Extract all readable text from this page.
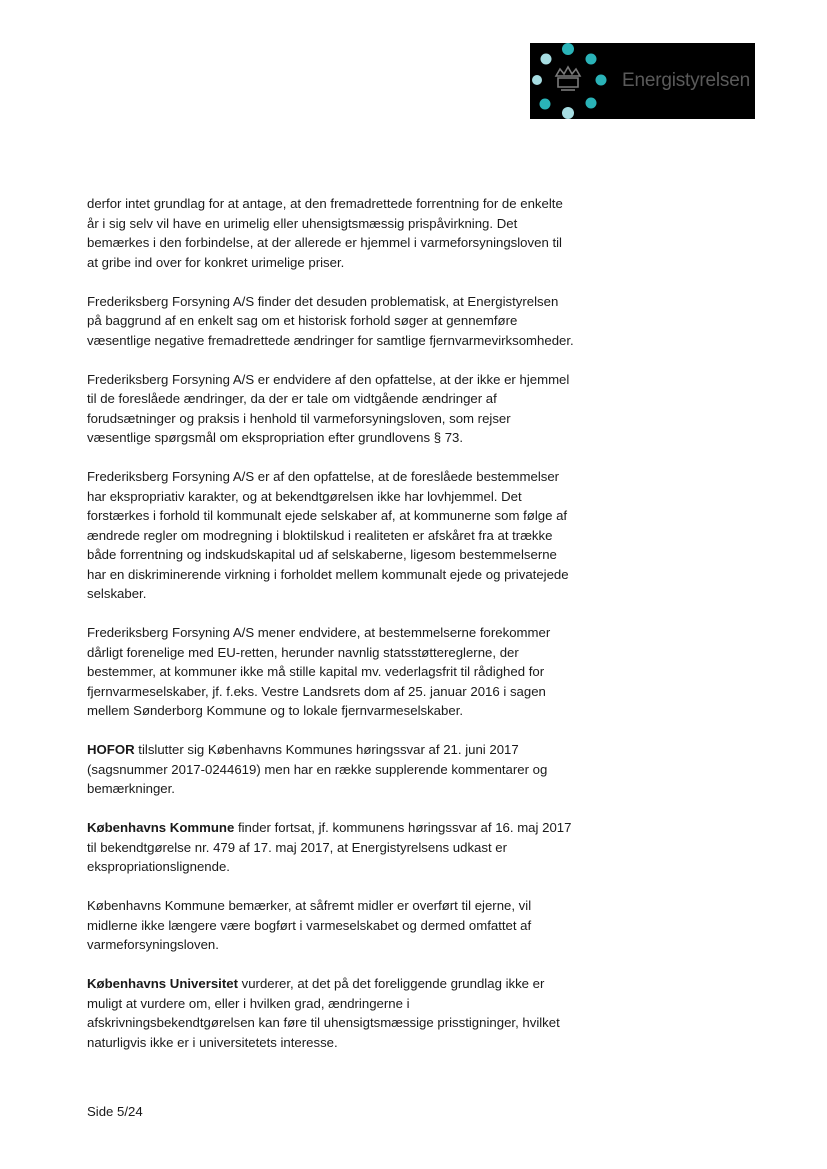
Energistyrelsen

derfor intet grundlag for at antage, at den fremadrettede forrentning for de enkelte
år i sig selv vil have en urimelig eller uhensigtsmæssig prispåvirkning. Det
bemærkes i den forbindelse, at der allerede er hjemmel i varmeforsyningsloven til
at gribe ind over for konkret urimelige priser.

Frederiksberg Forsyning A/S finder det desuden problematisk, at Energistyrelsen
på baggrund af en enkelt sag om et historisk forhold søger at gennemføre
væsentlige negative fremadrettede ændringer for samtlige fjernvarmevirksomheder.

Frederiksberg Forsyning A/S er endvidere af den opfattelse, at der ikke er hjemmel
til de foreslåede ændringer, da der er tale om vidtgående ændringer af
forudsætninger og praksis i henhold til varmeforsyningsloven, som rejser
væsentlige spørgsmål om ekspropriation efter grundlovens § 73.

Frederiksberg Forsyning A/S er af den opfattelse, at de foreslåede bestemmelser
har ekspropriativ karakter, og at bekendtgørelsen ikke har lovhjemmel. Det
forstærkes i forhold til kommunalt ejede selskaber af, at kommunerne som følge af
ændrede regler om modregning i bloktilskud i realiteten er afskåret fra at trække
både forrentning og indskudskapital ud af selskaberne, ligesom bestemmelserne
har en diskriminerende virkning i forholdet mellem kommunalt ejede og privatejede
selskaber.

Frederiksberg Forsyning A/S mener endvidere, at bestemmelserne forekommer
dårligt forenelige med EU-retten, herunder navnlig statsstøttereglerne, der
bestemmer, at kommuner ikke må stille kapital mv. vederlagsfrit til rådighed for
fjernvarmeselskaber, jf. f.eks. Vestre Landsrets dom af 25. januar 2016 i sagen
mellem Sønderborg Kommune og to lokale fjernvarmeselskaber.

HOFOR tilslutter sig Københavns Kommunes høringssvar af 21. juni 2017
(sagsnummer 2017-0244619) men har en række supplerende kommentarer og
bemærkninger.

Københavns Kommune finder fortsat, jf. kommunens høringssvar af 16. maj 2017
til bekendtgørelse nr. 479 af 17. maj 2017, at Energistyrelsens udkast er
ekspropriationslignende.

Københavns Kommune bemærker, at såfremt midler er overført til ejerne, vil
midlerne ikke længere være bogført i varmeselskabet og dermed omfattet af
varmeforsyningsloven.

Københavns Universitet vurderer, at det på det foreliggende grundlag ikke er
muligt at vurdere om, eller i hvilken grad, ændringerne i
afskrivningsbekendtgørelsen kan føre til uhensigtsmæssige prisstigninger, hvilket
naturligvis ikke er i universitetets interesse.

Side 5/24
